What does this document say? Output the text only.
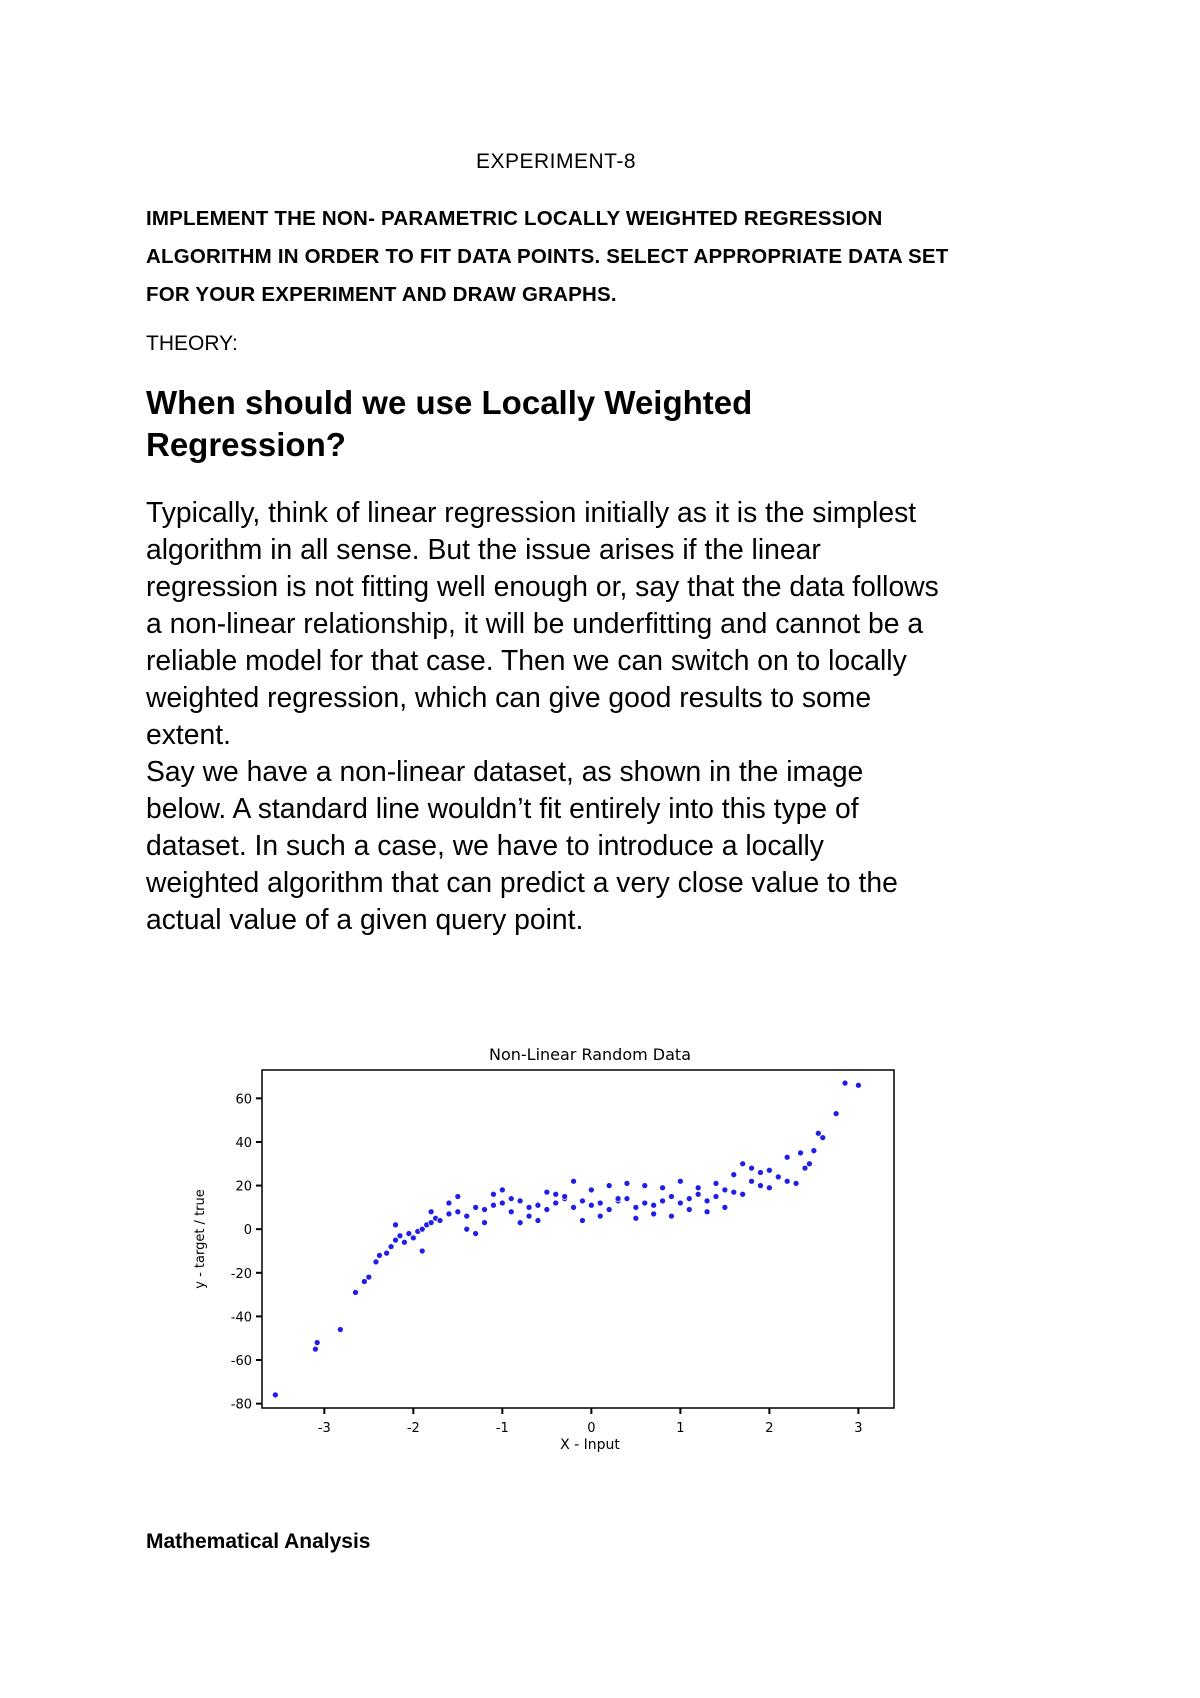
EXPERIMENT-8
IMPLEMENT THE NON- PARAMETRIC LOCALLY WEIGHTED REGRESSION
ALGORITHM IN ORDER TO FIT DATA POINTS. SELECT APPROPRIATE DATA SET
FOR YOUR EXPERIMENT AND DRAW GRAPHS.
THEORY:
When should we use Locally Weighted
Regression?
Typically, think of linear regression initially as it is the simplest
algorithm in all sense. But the issue arises if the linear
regression is not fitting well enough or, say that the data follows
a non-linear relationship, it will be underfitting and cannot be a
reliable model for that case. Then we can switch on to locally
weighted regression, which can give good results to some
extent.
Say we have a non-linear dataset, as shown in the image
below. A standard line wouldn’t fit entirely into this type of
dataset. In such a case, we have to introduce a locally
weighted algorithm that can predict a very close value to the
actual value of a given query point.
Non-Linear Random Data
60
40
20
0
-20
-40
-60
-80
-3	-2	-1	0	1	2	3
X - Input
y - target / true
Mathematical Analysis
